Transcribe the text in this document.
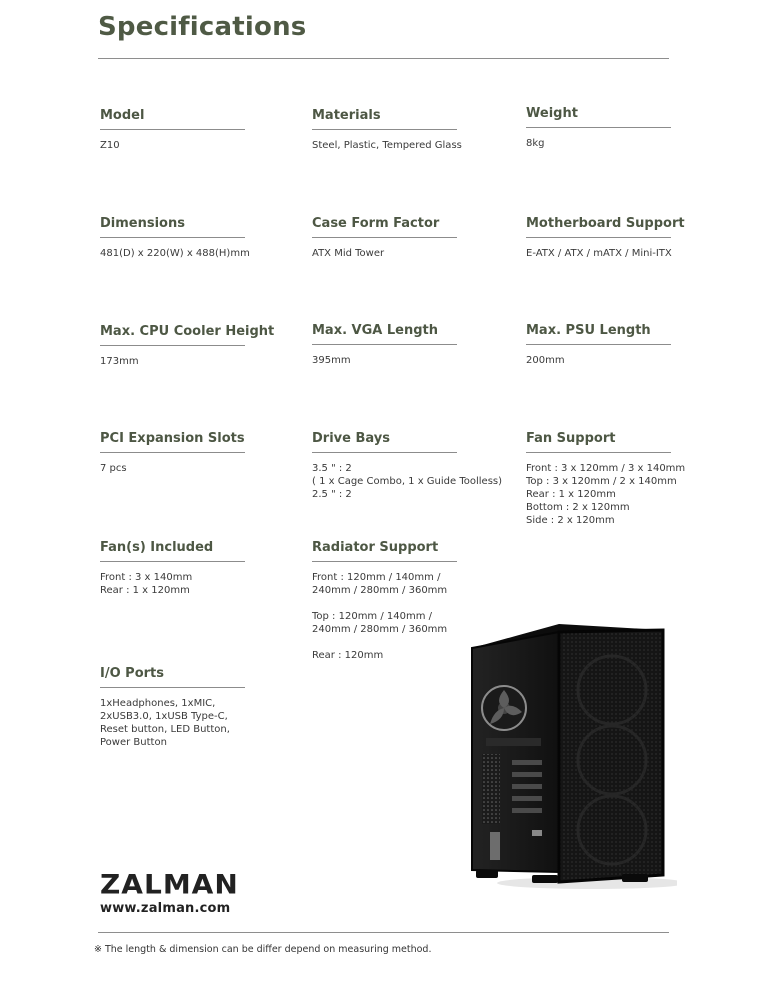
Specifications
Model
Z10
Materials
Steel, Plastic, Tempered Glass
Weight
8kg
Dimensions
481(D) x 220(W) x 488(H)mm
Case Form Factor
ATX Mid Tower
Motherboard Support
E-ATX / ATX / mATX / Mini-ITX
Max. CPU Cooler Height
173mm
Max. VGA Length
395mm
Max. PSU Length
200mm
PCI Expansion Slots
7 pcs
Drive Bays
3.5 " : 2
( 1 x Cage Combo, 1 x Guide Toolless)
2.5 " : 2
Fan Support
Front : 3 x 120mm / 3 x 140mm
Top : 3 x 120mm / 2 x 140mm
Rear : 1 x 120mm
Bottom : 2 x 120mm
Side : 2 x 120mm
Fan(s) Included
Front : 3 x 140mm
Rear : 1 x 120mm
Radiator Support
Front : 120mm / 140mm /
240mm / 280mm / 360mm
Top : 120mm / 140mm /
240mm / 280mm / 360mm
Rear : 120mm
I/O Ports
1xHeadphones, 1xMIC,
2xUSB3.0, 1xUSB Type-C,
Reset button, LED Button,
Power Button
ZALMAN
www.zalman.com
※ The length & dimension can be differ depend on measuring method.
